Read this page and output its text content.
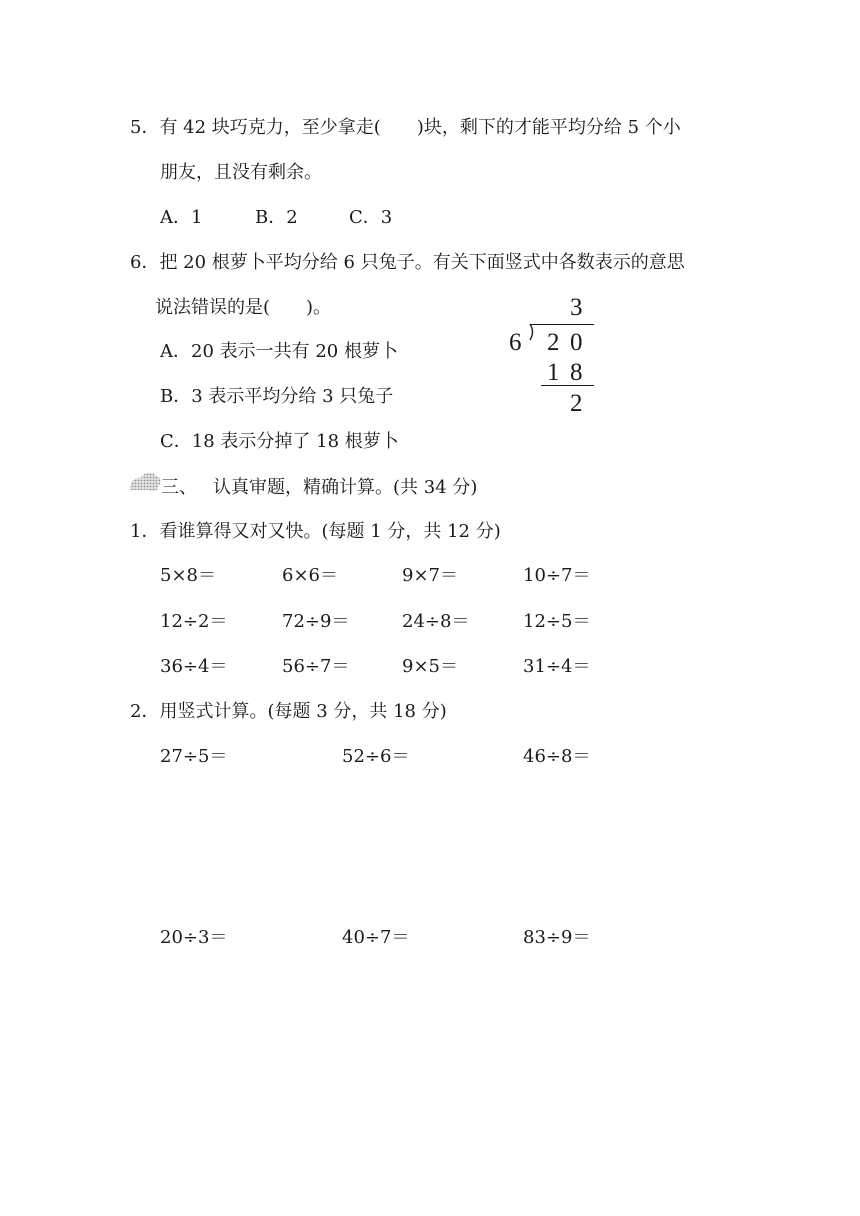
5．有 42 块巧克力，至少拿走(　　)块，剩下的才能平均分给 5 个小
朋友，且没有剩余。
A．1	B．2	C．3
6．把 20 根萝卜平均分给 6 只兔子。有关下面竖式中各数表示的意思
说法错误的是(　　)。
A．20 表示一共有 20 根萝卜
B．3 表示平均分给 3 只兔子
C．18 表示分掉了 18 根萝卜
3
6 2 0
1 8
2
三、 认真审题，精确计算。(共 34 分)
1．看谁算得又对又快。(每题 1 分，共 12 分)
5×8＝	6×6＝	9×7＝	10÷7＝
12÷2＝	72÷9＝	24÷8＝	12÷5＝
36÷4＝	56÷7＝	9×5＝	31÷4＝
2．用竖式计算。(每题 3 分，共 18 分)
27÷5＝	52÷6＝	46÷8＝
20÷3＝	40÷7＝	83÷9＝
